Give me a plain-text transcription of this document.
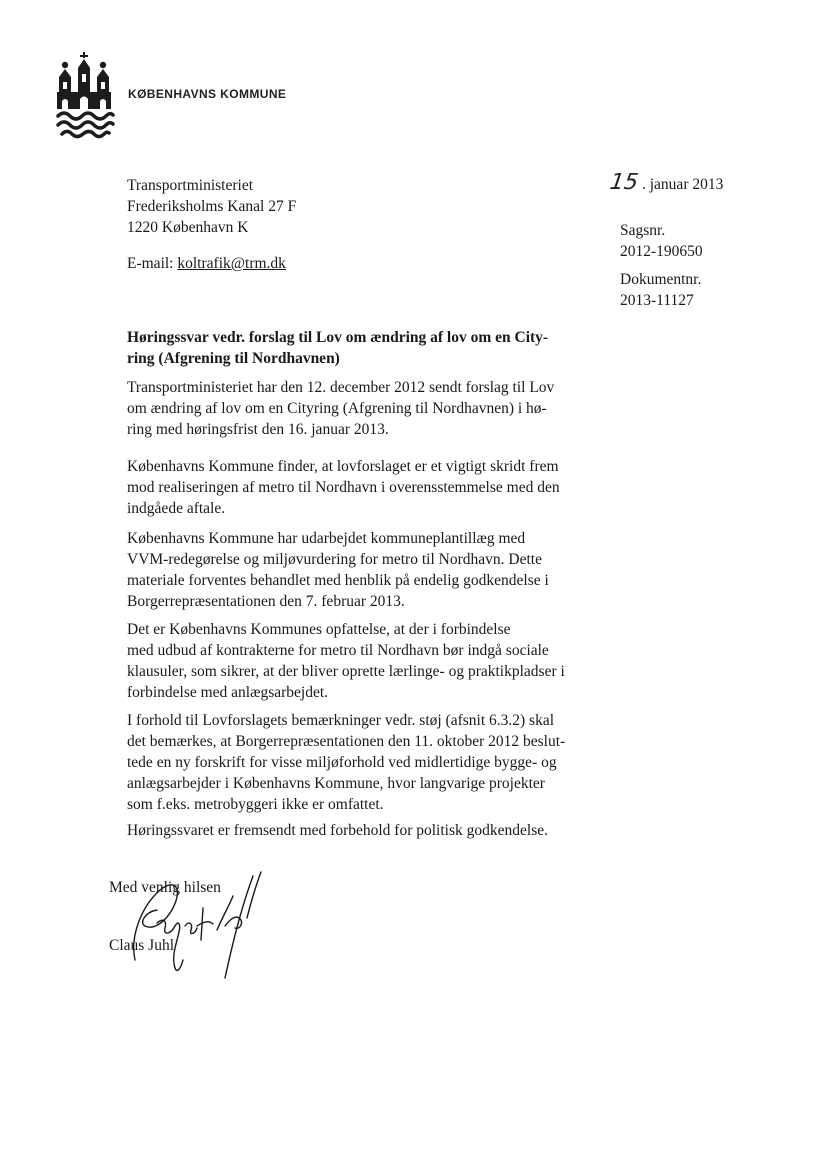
KØBENHAVNS KOMMUNE
Transportministeriet
Frederiksholms Kanal 27 F
1220 København K
E-mail: koltrafik@trm.dk
15 . januar 2013
Sagsnr.
2012-190650
Dokumentnr.
2013-11127
Høringssvar vedr. forslag til Lov om ændring af lov om en City-
ring (Afgrening til Nordhavnen)
Transportministeriet har den 12. december 2012 sendt forslag til Lov
om ændring af lov om en Cityring (Afgrening til Nordhavnen) i hø-
ring med høringsfrist den 16. januar 2013.
Københavns Kommune finder, at lovforslaget er et vigtigt skridt frem
mod realiseringen af metro til Nordhavn i overensstemmelse med den
indgåede aftale.
Københavns Kommune har udarbejdet kommuneplantillæg med
VVM-redegørelse og miljøvurdering for metro til Nordhavn. Dette
materiale forventes behandlet med henblik på endelig godkendelse i
Borgerrepræsentationen den 7. februar 2013.
Det er Københavns Kommunes opfattelse, at der i forbindelse
med udbud af kontrakterne for metro til Nordhavn bør indgå sociale
klausuler, som sikrer, at der bliver oprette lærlinge- og praktikpladser i
forbindelse med anlægsarbejdet.
I forhold til Lovforslagets bemærkninger vedr. støj (afsnit 6.3.2) skal
det bemærkes, at Borgerrepræsentationen den 11. oktober 2012 beslut-
tede en ny forskrift for visse miljøforhold ved midlertidige bygge- og
anlægsarbejder i Københavns Kommune, hvor langvarige projekter
som f.eks. metrobyggeri ikke er omfattet.
Høringssvaret er fremsendt med forbehold for politisk godkendelse.
Med venlig hilsen
Claus Juhl
